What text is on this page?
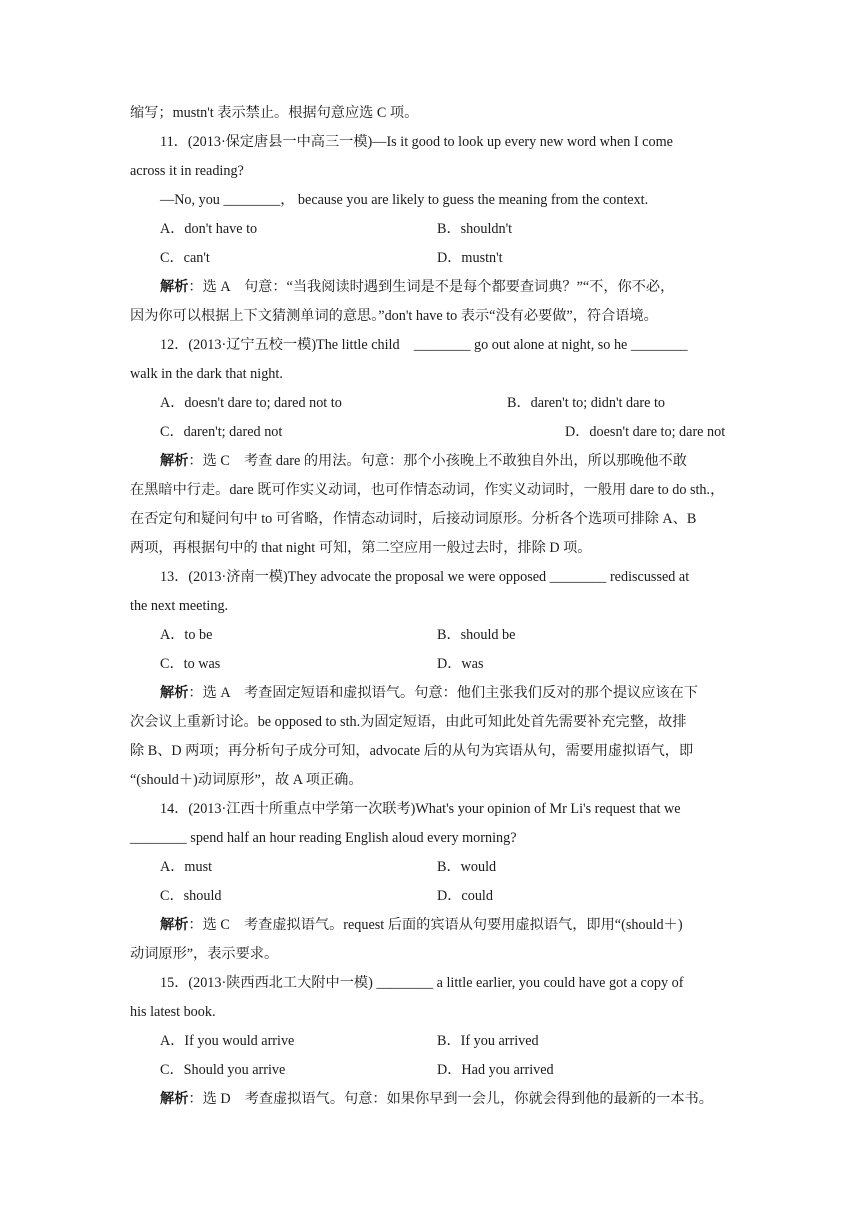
缩写；mustn't 表示禁止。根据句意应选 C 项。
11．(2013·保定唐县一中高三一模)—Is it good to look up every new word when I come
across it in reading?
—No, you ________， because you are likely to guess the meaning from the context.
A．don't have to	B．shouldn't
C．can't	D．mustn't
解析：选 A　句意：“当我阅读时遇到生词是不是每个都要查词典？”“不，你不必，
因为你可以根据上下文猜测单词的意思。”don't have to 表示“没有必要做”，符合语境。
12．(2013·辽宁五校一模)The little child　________ go out alone at night, so he ________
walk in the dark that night.
A．doesn't dare to; dared not to	B．daren't to; didn't dare to
C．daren't; dared not	D．doesn't dare to; dare not
解析：选 C　考查 dare 的用法。句意：那个小孩晚上不敢独自外出，所以那晚他不敢
在黑暗中行走。dare 既可作实义动词，也可作情态动词，作实义动词时，一般用 dare to do sth.，
在否定句和疑问句中 to 可省略，作情态动词时，后接动词原形。分析各个选项可排除 A、B
两项，再根据句中的 that night 可知，第二空应用一般过去时，排除 D 项。
13．(2013·济南一模)They advocate the proposal we were opposed ________ rediscussed at
the next meeting.
A．to be	B．should be
C．to was	D．was
解析：选 A　考查固定短语和虚拟语气。句意：他们主张我们反对的那个提议应该在下
次会议上重新讨论。be opposed to sth.为固定短语，由此可知此处首先需要补充完整，故排
除 B、D 两项；再分析句子成分可知，advocate 后的从句为宾语从句，需要用虚拟语气，即
“(should＋)动词原形”，故 A 项正确。
14．(2013·江西十所重点中学第一次联考)What's your opinion of Mr Li's request that we
________ spend half an hour reading English aloud every morning?
A．must	B．would
C．should	D．could
解析：选 C　考查虚拟语气。request 后面的宾语从句要用虚拟语气，即用“(should＋)
动词原形”，表示要求。
15．(2013·陕西西北工大附中一模) ________ a little earlier, you could have got a copy of
his latest book.
A．If you would arrive	B．If you arrived
C．Should you arrive	D．Had you arrived
解析：选 D　考查虚拟语气。句意：如果你早到一会儿，你就会得到他的最新的一本书。
